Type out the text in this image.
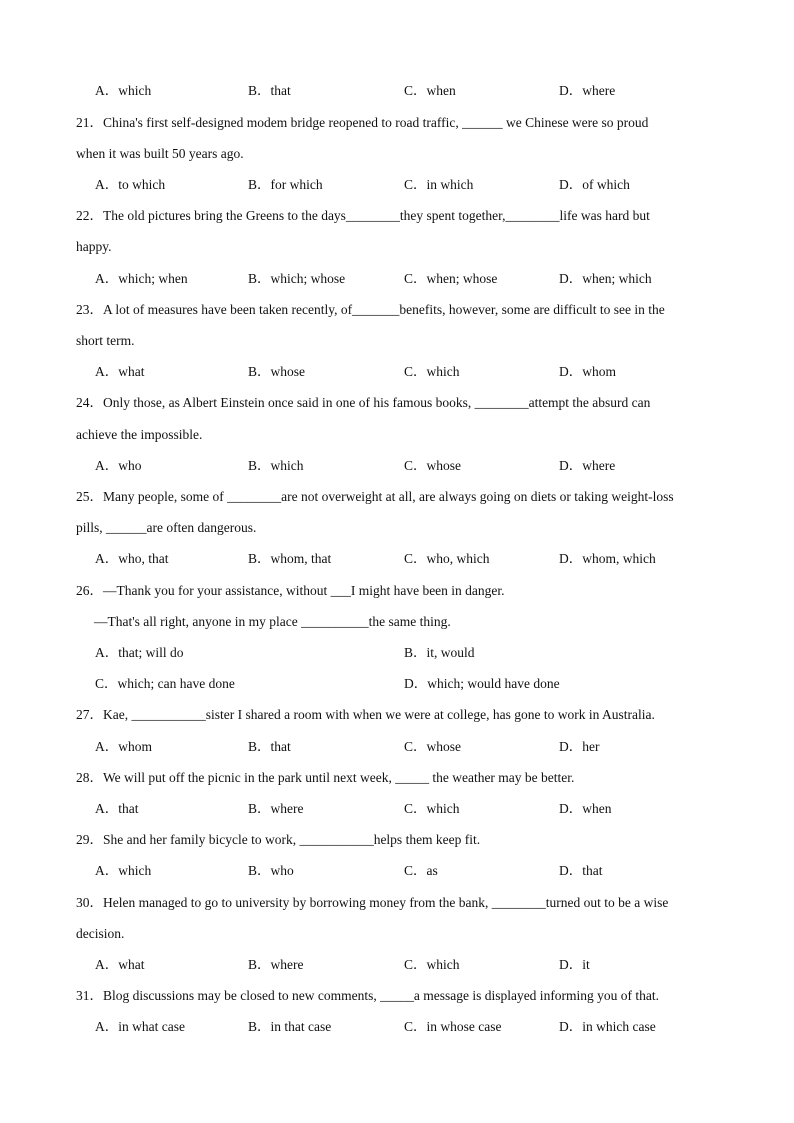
A．which	B．that	C．when	D．where
21．China's first self-designed modem bridge reopened to road traffic, ______ we Chinese were so proud
when it was built 50 years ago.
A．to which	B．for which	C．in which	D．of which
22．The old pictures bring the Greens to the days________they spent together,________life was hard but
happy.
A．which; when	B．which; whose	C．when; whose	D．when; which
23．A lot of measures have been taken recently, of_______benefits, however, some are difficult to see in the
short term.
A．what	B．whose	C．which	D．whom
24．Only those, as Albert Einstein once said in one of his famous books, ________attempt the absurd can
achieve the impossible.
A．who	B．which	C．whose	D．where
25．Many people, some of ________are not overweight at all, are always going on diets or taking weight-loss
pills, ______are often dangerous.
A．who, that	B．whom, that	C．who, which	D．whom, which
26．—Thank you for your assistance, without ___I might have been in danger.
—That's all right, anyone in my place __________the same thing.
A．that; will do	B．it, would
C．which; can have done	D．which; would have done
27．Kae, ___________sister I shared a room with when we were at college, has gone to work in Australia.
A．whom	B．that	C．whose	D．her
28．We will put off the picnic in the park until next week, _____ the weather may be better.
A．that	B．where	C．which	D．when
29．She and her family bicycle to work, ___________helps them keep fit.
A．which	B．who	C．as	D．that
30．Helen managed to go to university by borrowing money from the bank, ________turned out to be a wise
decision.
A．what	B．where	C．which	D．it
31．Blog discussions may be closed to new comments, _____a message is displayed informing you of that.
A．in what case	B．in that case	C．in whose case	D．in which case
